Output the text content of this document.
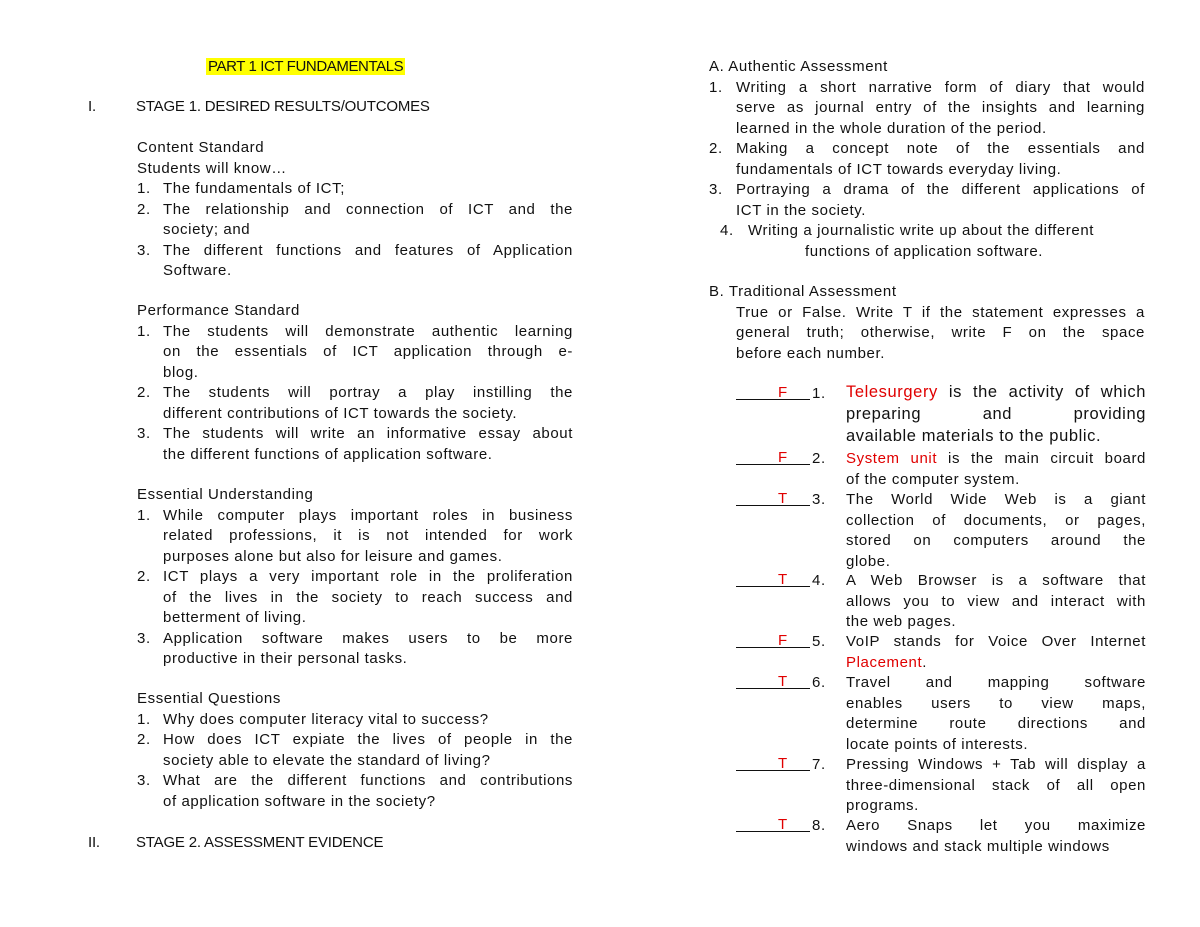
PART 1 ICT FUNDAMENTALS
I.	STAGE 1. DESIRED RESULTS/OUTCOMES
Content Standard
Students will know…
1. The fundamentals of ICT;
2. The relationship and connection of ICT and the
society; and
3. The different functions and features of Application
Software.
Performance Standard
1. The students will demonstrate authentic learning
on the essentials of ICT application through e-
blog.
2. The students will portray a play instilling the
different contributions of ICT towards the society.
3. The students will write an informative essay about
the different functions of application software.
Essential Understanding
1. While computer plays important roles in business
related professions, it is not intended for work
purposes alone but also for leisure and games.
2. ICT plays a very important role in the proliferation
of the lives in the society to reach success and
betterment of living.
3. Application software makes users to be more
productive in their personal tasks.
Essential Questions
1. Why does computer literacy vital to success?
2. How does ICT expiate the lives of people in the
society able to elevate the standard of living?
3. What are the different functions and contributions
of application software in the society?
II. STAGE 2. ASSESSMENT EVIDENCE
A. Authentic Assessment
1. Writing a short narrative form of diary that would
serve as journal entry of the insights and learning
learned in the whole duration of the period.
2. Making a concept note of the essentials and
fundamentals of ICT towards everyday living.
3. Portraying a drama of the different applications of
ICT in the society.
4. Writing a journalistic write up about the different
functions of application software.
B. Traditional Assessment
True or False. Write T if the statement expresses a
general truth; otherwise, write F on the space
before each number.
F 1. Telesurgery is the activity of which
preparing and providing
available materials to the public.
F 2. System unit is the main circuit board
of the computer system.
T 3. The World Wide Web is a giant
collection of documents, or pages,
stored on computers around the
globe.
T 4. A Web Browser is a software that
allows you to view and interact with
the web pages.
F 5. VoIP stands for Voice Over Internet
Placement.
T 6. Travel and mapping software
enables users to view maps,
determine route directions and
locate points of interests.
T 7. Pressing Windows + Tab will display a
three-dimensional stack of all open
programs.
T 8. Aero Snaps let you maximize
windows and stack multiple windows
